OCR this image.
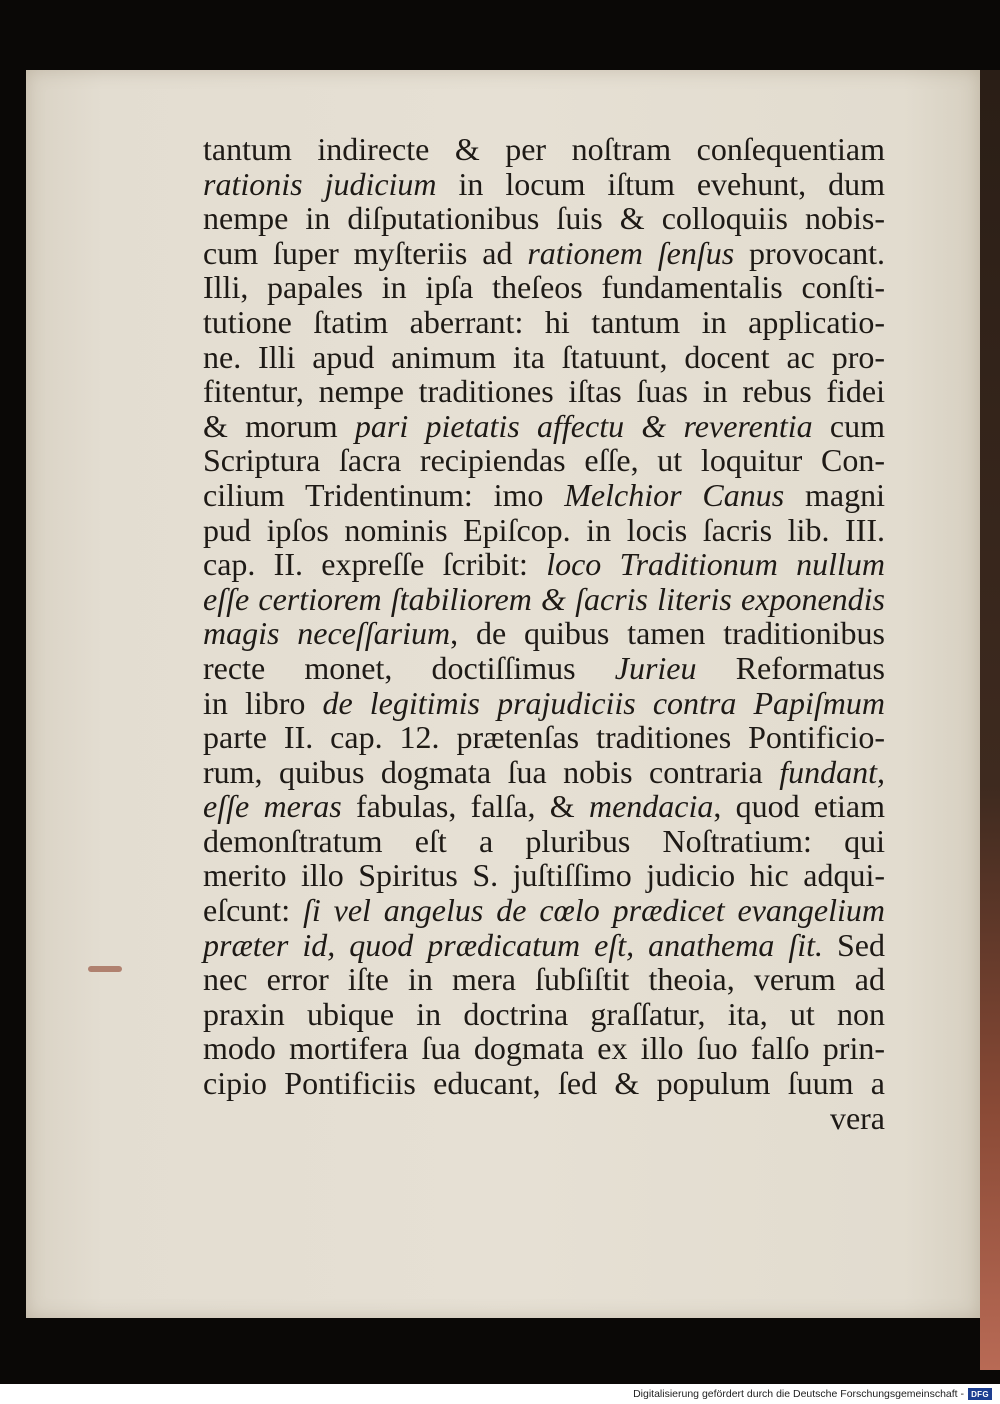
tantum indirecte & per noſtram conſequentiam
rationis judicium in locum iſtum evehunt, dum
nempe in diſputationibus ſuis & colloquiis nobis-
cum ſuper myſteriis ad rationem ſenſus provocant.
Illi, papales in ipſa theſeos fundamentalis conſti-
tutione ſtatim aberrant: hi tantum in applicatio-
ne. Illi apud animum ita ſtatuunt, docent ac pro-
fitentur, nempe traditiones iſtas ſuas in rebus fidei
& morum pari pietatis affectu & reverentia cum
Scriptura ſacra recipiendas eſſe, ut loquitur Con-
cilium Tridentinum: imo Melchior Canus magni
pud ipſos nominis Epiſcop. in locis ſacris lib. III.
cap. II. expreſſe ſcribit: loco Traditionum nullum
eſſe certiorem ſtabiliorem & ſacris literis exponendis
magis neceſſarium, de quibus tamen traditionibus
recte monet, doctiſſimus Jurieu Reformatus
in libro de legitimis prajudiciis contra Papiſmum
parte II. cap. 12. prætenſas traditiones Pontificio-
rum, quibus dogmata ſua nobis contraria fundant,
eſſe meras fabulas, falſa, & mendacia, quod etiam
demonſtratum eſt a pluribus Noſtratium: qui
merito illo Spiritus S. juſtiſſimo judicio hic adqui-
eſcunt: ſi vel angelus de cœlo prædicet evangelium
præter id, quod prædicatum eſt, anathema ſit. Sed
nec error iſte in mera ſubſiſtit theoia, verum ad
praxin ubique in doctrina graſſatur, ita, ut non
modo mortifera ſua dogmata ex illo ſuo falſo prin-
cipio Pontificiis educant, ſed & populum ſuum a
vera
Digitalisierung gefördert durch die Deutsche Forschungsgemeinschaft - DFG
